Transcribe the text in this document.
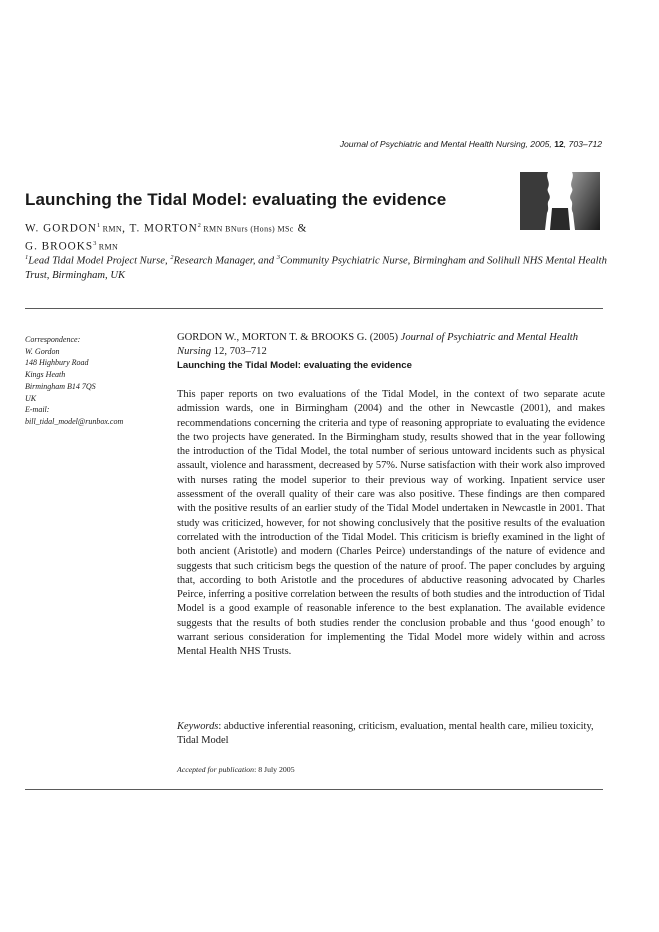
Journal of Psychiatric and Mental Health Nursing, 2005, 12, 703–712
Launching the Tidal Model: evaluating the evidence
W. GORDON$^1$ RMN, T. MORTON$^2$ RMN BNurs (Hons) MSc &
G. BROOKS$^3$ RMN
$^1$Lead Tidal Model Project Nurse, $^2$Research Manager, and $^3$Community Psychiatric Nurse, Birmingham and Solihull NHS Mental Health Trust, Birmingham, UK
Correspondence:
W. Gordon
148 Highbury Road
Kings Heath
Birmingham B14 7QS
UK
E-mail:
bill_tidal_model@runbox.com
GORDON W., MORTON T. & BROOKS G. (2005) Journal of Psychiatric and Mental Health Nursing 12, 703–712
Launching the Tidal Model: evaluating the evidence
This paper reports on two evaluations of the Tidal Model, in the context of two separate acute admission wards, one in Birmingham (2004) and the other in Newcastle (2001), and makes recommendations concerning the criteria and type of reasoning appropriate to evaluating the evidence the two projects have generated. In the Birmingham study, results showed that in the year following the introduction of the Tidal Model, the total number of serious untoward incidents such as physical assault, violence and harassment, decreased by 57%. Nurse satisfaction with their work also improved with nurses rating the model superior to their previous way of working. Inpatient service user assessment of the overall quality of their care was also positive. These findings are then compared with the positive results of an earlier study of the Tidal Model undertaken in Newcastle in 2001. That study was criticized, however, for not showing conclusively that the positive results of the evaluation correlated with the introduction of the Tidal Model. This criticism is briefly examined in the light of both ancient (Aristotle) and modern (Charles Peirce) understandings of the nature of evidence and suggests that such criticism begs the question of the nature of proof. The paper concludes by arguing that, according to both Aristotle and the procedures of abductive reasoning advocated by Charles Peirce, inferring a positive correlation between the results of both studies and the introduction of Tidal Model is a good example of reasonable inference to the best explanation. The available evidence suggests that the results of both studies render the conclusion probable and thus ‘good enough’ to warrant serious consideration for implementing the Tidal Model more widely within and across Mental Health NHS Trusts.
Keywords: abductive inferential reasoning, criticism, evaluation, mental health care, milieu toxicity, Tidal Model
Accepted for publication: 8 July 2005
